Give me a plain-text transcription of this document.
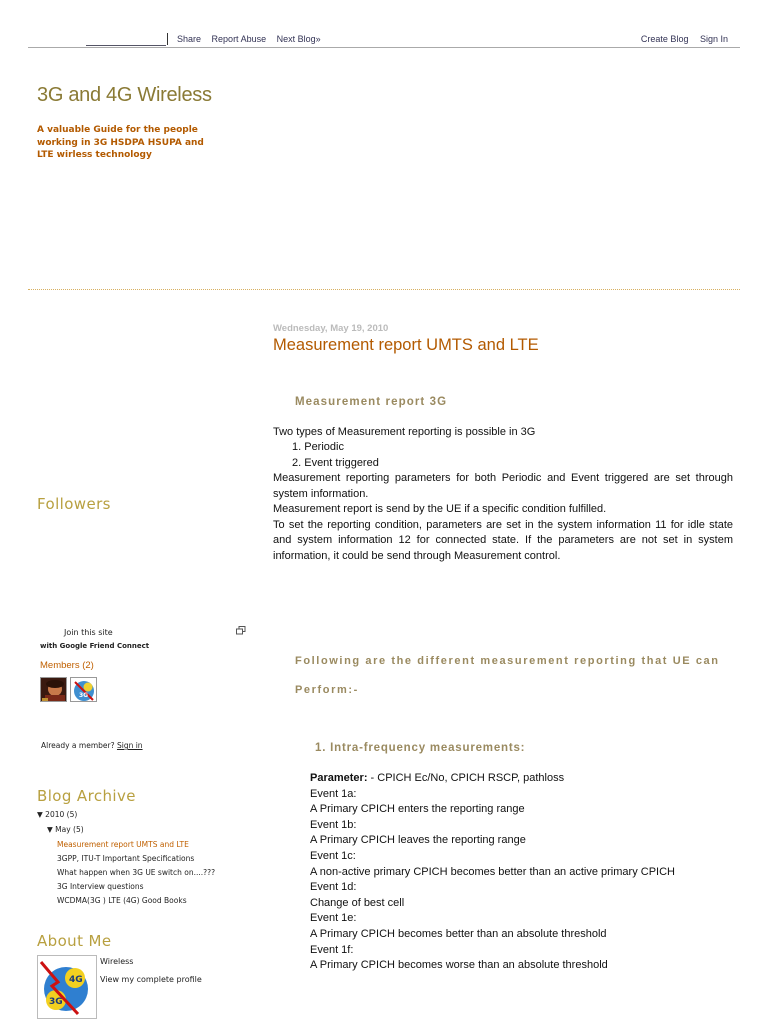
Share Report Abuse Next Blog»	Create Blog Sign In
3G and 4G Wireless
A valuable Guide for the people working in 3G HSDPA HSUPA and LTE wirless technology
Wednesday, May 19, 2010
Measurement report UMTS and LTE
Measurement report 3G
Two types of Measurement reporting is possible in 3G
1. Periodic
2. Event triggered
Measurement reporting parameters for both Periodic and Event triggered are set through system information.
Measurement report is send by the UE if a specific condition fulfilled.
To set the reporting condition, parameters are set in the system information 11 for idle state and system information 12 for connected state. If the parameters are not set in system information, it could be send through Measurement control.
Following are the different measurement reporting that UE can Perform:-
1. Intra-frequency measurements:
Parameter: - CPICH Ec/No, CPICH RSCP, pathloss
Event 1a:
A Primary CPICH enters the reporting range
Event 1b:
A Primary CPICH leaves the reporting range
Event 1c:
A non-active primary CPICH becomes better than an active primary CPICH
Event 1d:
Change of best cell
Event 1e:
A Primary CPICH becomes better than an absolute threshold
Event 1f:
A Primary CPICH becomes worse than an absolute threshold
Followers
Join this site
with Google Friend Connect
Members (2)
3G
Already a member? Sign in
Blog Archive
▼ 2010 (5)
▼ May (5)
Measurement report UMTS and LTE
3GPP, ITU-T Important Specifications
What happen when 3G UE switch on....???
3G Interview questions
WCDMA(3G ) LTE (4G) Good Books
About Me
4G
3G
Wireless
View my complete profile
